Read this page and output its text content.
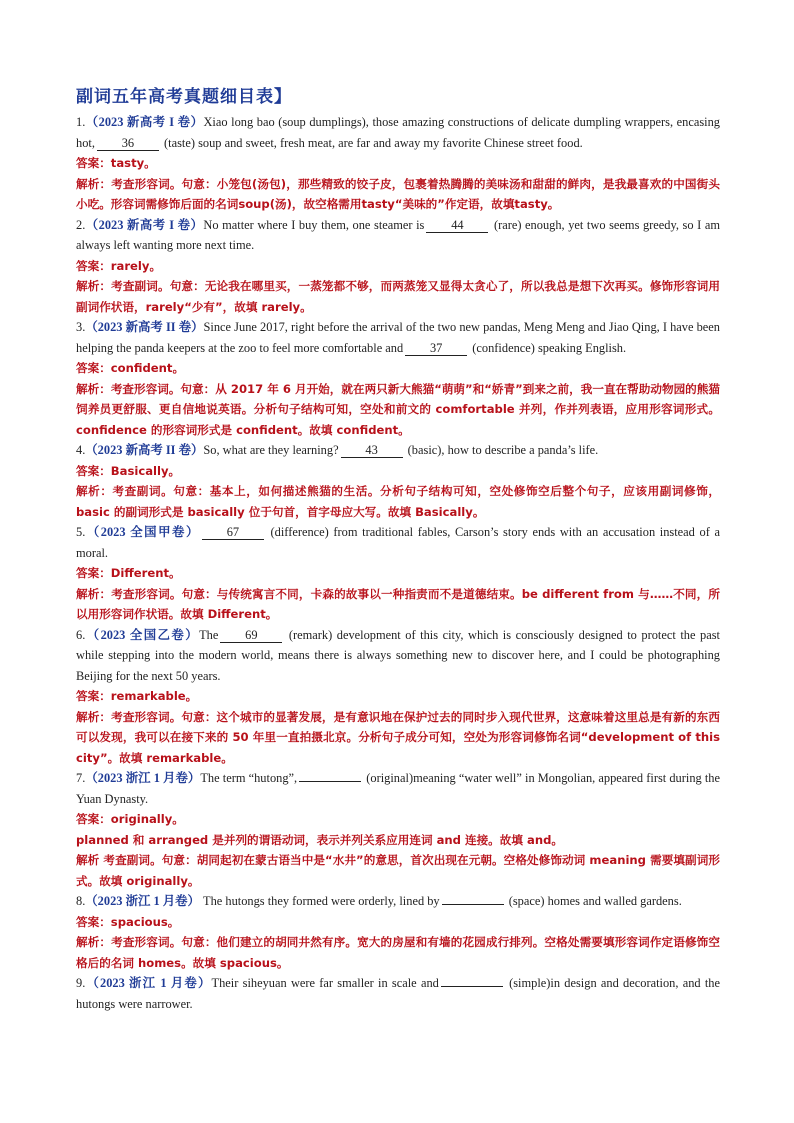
副词五年高考真题细目表】

1.（2023 新高考 I 卷）Xiao long bao (soup dumplings), those amazing constructions of delicate dumpling wrappers, encasing hot, 36 (taste) soup and sweet, fresh meat, are far and away my favorite Chinese street food.

答案：tasty。

解析：考查形容词。句意：小笼包(汤包)，那些精致的饺子皮，包裹着热腾腾的美味汤和甜甜的鲜肉，是我最喜欢的中国街头小吃。形容词需修饰后面的名词soup(汤)，故空格需用tasty“美味的”作定语，故填tasty。

2.（2023 新高考 I 卷）No matter where I buy them, one steamer is 44 (rare) enough, yet two seems greedy, so I am always left wanting more next time.

答案：rarely。

解析：考查副词。句意：无论我在哪里买，一蒸笼都不够，而两蒸笼又显得太贪心了，所以我总是想下次再买。修饰形容词用副词作状语，rarely“少有”，故填 rarely。

3.（2023 新高考 II 卷）Since June 2017, right before the arrival of the two new pandas, Meng Meng and Jiao Qing, I have been helping the panda keepers at the zoo to feel more comfortable and 37 (confidence) speaking English.

答案：confident。

解析：考查形容词。句意：从 2017 年 6 月开始，就在两只新大熊猫“萌萌”和“娇青”到来之前，我一直在帮助动物园的熊猫饲养员更舒服、更自信地说英语。分析句子结构可知，空处和前文的 comfortable 并列，作并列表语，应用形容词形式。confidence 的形容词形式是 confident。故填 confident。

4.（2023 新高考 II 卷）So, what are they learning? 43 (basic), how to describe a panda’s life.

答案：Basically。

解析：考查副词。句意：基本上，如何描述熊猫的生活。分析句子结构可知，空处修饰空后整个句子，应该用副词修饰，basic 的副词形式是 basically 位于句首，首字母应大写。故填 Basically。

5.（2023 全国甲卷） 67 (difference) from traditional fables, Carson’s story ends with an accusation instead of a moral.

答案：Different。

解析：考查形容词。句意：与传统寓言不同，卡森的故事以一种指责而不是道德结束。be different from 与……不同，所以用形容词作状语。故填 Different。

6.（2023 全国乙卷）The 69 (remark) development of this city, which is consciously designed to protect the past while stepping into the modern world, means there is always something new to discover here, and I could be photographing Beijing for the next 50 years.

答案：remarkable。

解析：考查形容词。句意：这个城市的显著发展，是有意识地在保护过去的同时步入现代世界，这意味着这里总是有新的东西可以发现，我可以在接下来的 50 年里一直拍摄北京。分析句子成分可知，空处为形容词修饰名词“development of this city”。故填 remarkable。

7.（2023 浙江 1 月卷）The term “hutong”,	(original)meaning “water well” in Mongolian, appeared first during the Yuan Dynasty.

答案：originally。

planned 和 arranged 是并列的谓语动词，表示并列关系应用连词 and 连接。故填 and。

解析 考查副词。句意：胡同起初在蒙古语当中是“水井”的意思，首次出现在元朝。空格处修饰动词 meaning 需要填副词形式。故填 originally。

8.（2023 浙江 1 月卷） The hutongs they formed were orderly, lined by	(space) homes and walled gardens.

答案：spacious。

解析：考查形容词。句意：他们建立的胡同井然有序。宽大的房屋和有墙的花园成行排列。空格处需要填形容词作定语修饰空格后的名词 homes。故填 spacious。

9.（2023 浙江 1 月卷）Their siheyuan were far smaller in scale and	(simple)in design and decoration, and the hutongs were narrower.
